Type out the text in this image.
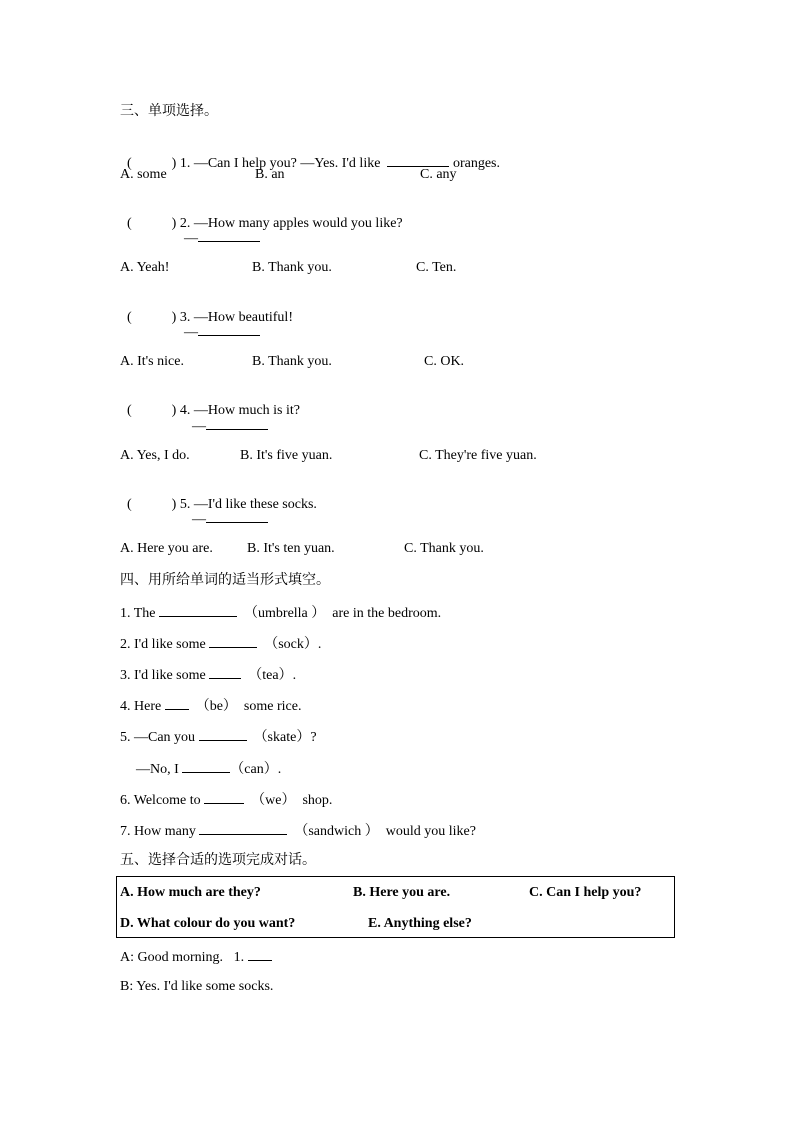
三、单项选择。

(	) 1. —Can I help you? —Yes. I'd like	oranges.

A. some	B. an	C. any

(	) 2. —How many apples would you like?

—
A. Yeah!	B. Thank you.	C. Ten.

(	) 3. —How beautiful!

—
A. It's nice.	B. Thank you.	C. OK.

(	) 4. —How much is it?

—
A. Yes, I do.	B. It's five yuan.	C. They're five yuan.

(	) 5. —I'd like these socks.

—
A. Here you are. B. It's ten yuan.	C. Thank you.
四、用所给单词的适当形式填空。
1. The	（umbrella ） are in the bedroom.
2. I'd like some	（sock）.
3. I'd like some	（tea）.
4. Here （be） some rice.
5. —Can you	（skate）?
—No, I	（can）.
6. Welcome to	（we） shop.
7. How many	（sandwich ） would you like?
五、选择合适的选项完成对话。
A. How much are they?	B. Here you are.	C. Can I help you?
D. What colour do you want?	E. Anything else?
A: Good morning. 1.
B: Yes. I'd like some socks.
